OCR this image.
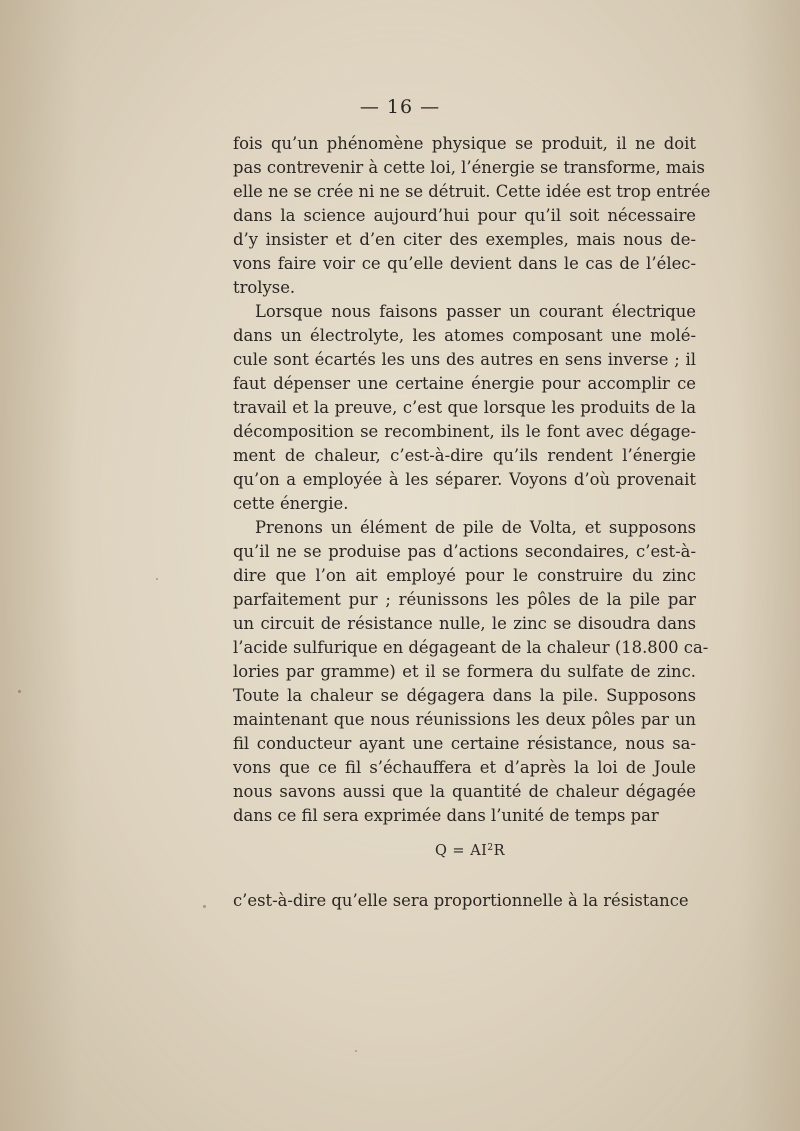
— 16 —
fois qu’un phénomène physique se produit, il ne doit
pas contrevenir à cette loi, l’énergie se transforme, mais
elle ne se crée ni ne se détruit. Cette idée est trop entrée
dans la science aujourd’hui pour qu’il soit nécessaire
d’y insister et d’en citer des exemples, mais nous de-
vons faire voir ce qu’elle devient dans le cas de l’élec-
trolyse.
Lorsque nous faisons passer un courant électrique
dans un électrolyte, les atomes composant une molé-
cule sont écartés les uns des autres en sens inverse ; il
faut dépenser une certaine énergie pour accomplir ce
travail et la preuve, c’est que lorsque les produits de la
décomposition se recombinent, ils le font avec dégage-
ment de chaleur, c’est-à-dire qu’ils rendent l’énergie
qu’on a employée à les séparer. Voyons d’où provenait
cette énergie.
Prenons un élément de pile de Volta, et supposons
qu’il ne se produise pas d’actions secondaires, c’est-à-
dire que l’on ait employé pour le construire du zinc
parfaitement pur ; réunissons les pôles de la pile par
un circuit de résistance nulle, le zinc se disoudra dans
l’acide sulfurique en dégageant de la chaleur (18.800 ca-
lories par gramme) et il se formera du sulfate de zinc.
Toute la chaleur se dégagera dans la pile. Supposons
maintenant que nous réunissions les deux pôles par un
fil conducteur ayant une certaine résistance, nous sa-
vons que ce fil s’échauffera et d’après la loi de Joule
nous savons aussi que la quantité de chaleur dégagée
dans ce fil sera exprimée dans l’unité de temps par
$Q = AI^2R$
c’est-à-dire qu’elle sera proportionnelle à la résistance
